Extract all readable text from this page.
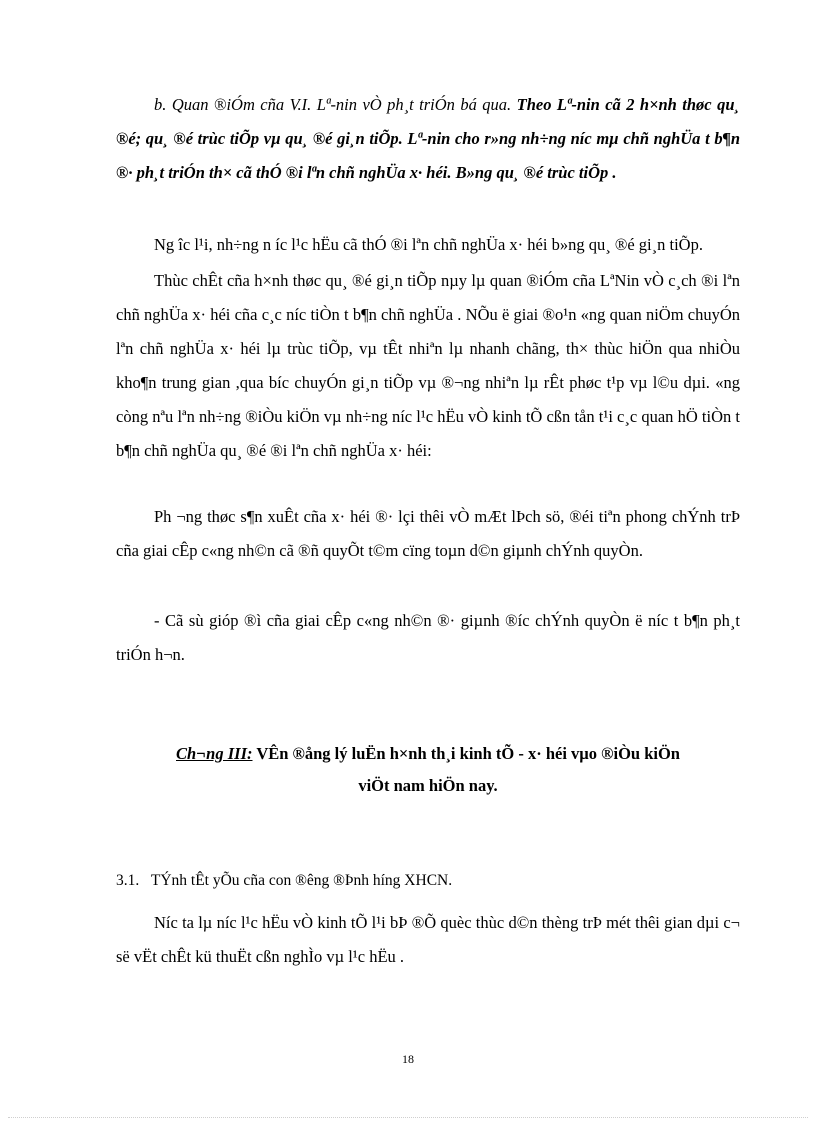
b. Quan ®iÓm cña V.I. Lª-nin vÒ ph¸t triÓn bá qua. Theo Lª-nin cã 2 h×nh thøc qu¸ ®é; qu¸ ®é trùc tiÕp vµ qu¸ ®é gi¸n tiÕp. Lª-nin cho r»ng nh÷ng níc mµ chñ nghÜa t b¶n ®· ph¸t triÓn th× cã thÓ ®i lªn chñ nghÜa x· héi. B»ng qu¸ ®é trùc tiÕp .

Ng îc l¹i, nh÷ng n íc l¹c hËu cã thÓ ®i lªn chñ nghÜa x· héi b»ng qu¸ ®é gi¸n tiÕp.

Thùc chÊt cña h×nh thøc qu¸ ®é gi¸n tiÕp nµy lµ quan ®iÓm cña LªNin vÒ c¸ch ®i lªn chñ nghÜa x· héi cña c¸c níc tiÒn t b¶n chñ nghÜa . NÕu ë giai ®o¹n «ng quan niÖm chuyÓn lªn chñ nghÜa x· héi lµ trùc tiÕp, vµ tÊt nhiªn lµ nhanh chãng, th× thùc hiÖn qua nhiÒu kho¶n trung gian ,qua bíc chuyÓn gi¸n tiÕp vµ ®¬ng nhiªn lµ rÊt phøc t¹p vµ l©u dµi. «ng còng nªu lªn nh÷ng ®iÒu kiÖn vµ nh÷ng níc l¹c hËu vÒ kinh tÕ cßn tån t¹i c¸c quan hÖ tiÒn t b¶n chñ nghÜa qu¸ ®é ®i lªn chñ nghÜa x· héi:

Ph ¬ng thøc s¶n xuÊt cña x· héi ®· lçi thêi vÒ mÆt lÞch sö, ®éi tiªn phong chÝnh trÞ cña giai cÊp c«ng nh©n cã ®ñ quyÕt t©m cïng toµn d©n giµnh chÝnh quyÒn.

- Cã sù gióp ®ì cña giai cÊp c«ng nh©n ®· giµnh ®íc chÝnh quyÒn ë níc t b¶n ph¸t triÓn h¬n.

Ch¬ng III: VÊn ®ång lý luËn h×nh th¸i kinh tÕ - x· héi vµo ®iÒu kiÖn
viÖt nam hiÖn nay.

3.1. TÝnh tÊt yÕu cña con ®êng ®Þnh híng XHCN.

Níc ta lµ níc l¹c hËu vÒ kinh tÕ l¹i bÞ ®Õ quèc thùc d©n thèng trÞ mét thêi gian dµi c¬ së vËt chÊt kü thuËt cßn nghÌo vµ l¹c hËu .

18
